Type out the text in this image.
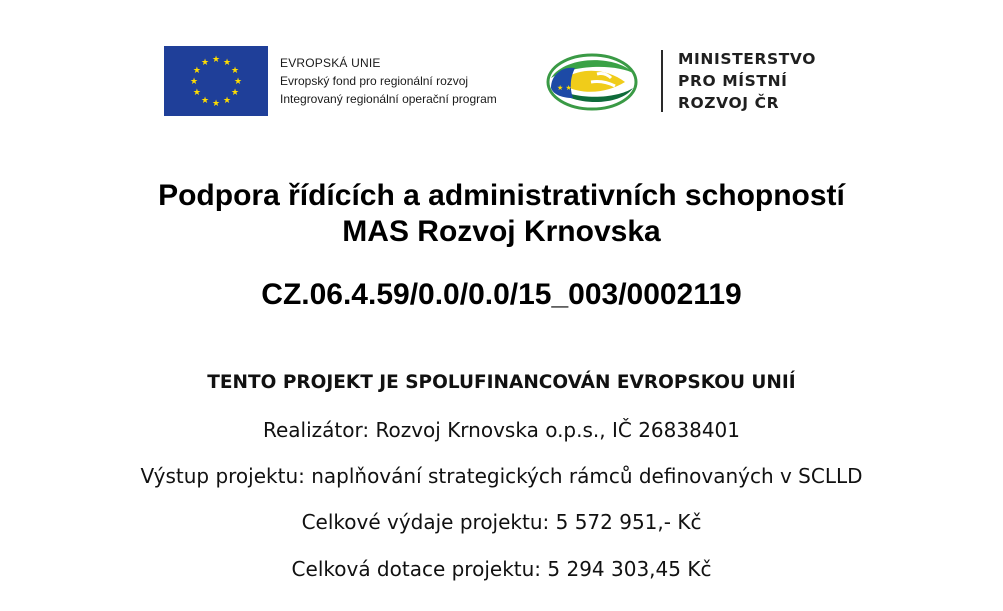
★ ★
★
★
★
★
★
★
★
★
★
★	EVROPSKÁ UNIE
Evropský fond pro regionální rozvoj
Integrovaný regionální operační program
★ ★
MINISTERSTVO
PRO MÍSTNÍ
ROZVOJ ČR
Podpora řídících a administrativních schopností
MAS Rozvoj Krnovska
CZ.06.4.59/0.0/0.0/15_003/0002119
TENTO PROJEKT JE SPOLUFINANCOVÁN EVROPSKOU UNIÍ
Realizátor: Rozvoj Krnovska o.p.s., IČ 26838401
Výstup projektu: naplňování strategických rámců definovaných v SCLLD
Celkové výdaje projektu: 5 572 951,- Kč
Celková dotace projektu: 5 294 303,45 Kč
